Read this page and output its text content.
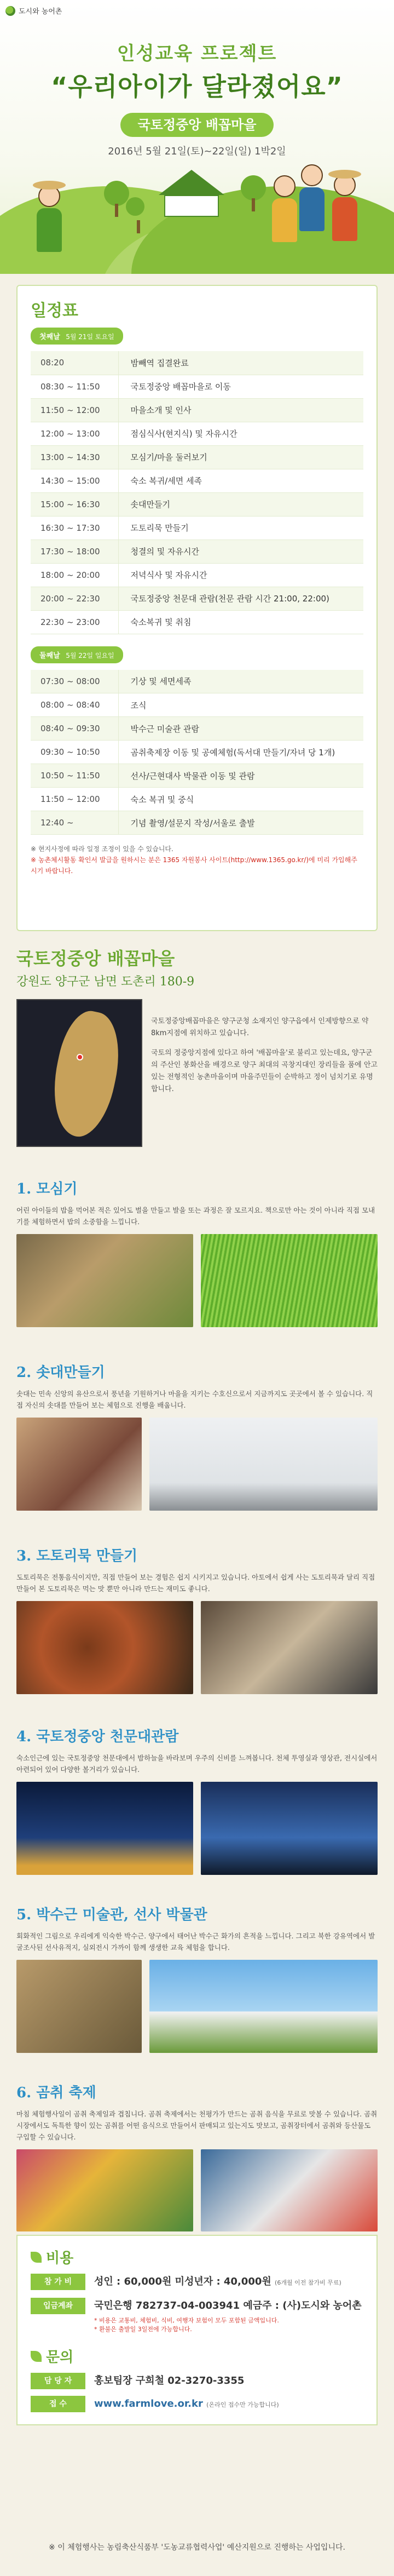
도시와 농어촌
인성교육 프로젝트
“우리아이가 달라졌어요”
국토정중앙 배꼽마을
2016년 5월 21일(토)~22일(일) 1박2일
일정표
첫째날 5월 21일 토요일
08:20	밤빼역 집결완료
08:30 ~ 11:50	국토정중앙 배꼽마을로 이동
11:50 ~ 12:00	마을소개 및 인사
12:00 ~ 13:00	점심식사(현지식) 및 자유시간
13:00 ~ 14:30	모심기/마을 둘러보기
14:30 ~ 15:00	숙소 복귀/세면 세족
15:00 ~ 16:30	솟대만들기
16:30 ~ 17:30	도토리묵 만들기
17:30 ~ 18:00	청결의 및 자유시간
18:00 ~ 20:00	저녁식사 및 자유시간
20:00 ~ 22:30	국토정중앙 천문대 관람(천문 관람 시간 21:00, 22:00)
22:30 ~ 23:00	숙소복귀 및 취침
둘째날 5월 22일 일요일
07:30 ~ 08:00	기상 및 세면세족
08:00 ~ 08:40	조식
08:40 ~ 09:30	박수근 미술관 관람
09:30 ~ 10:50	곰취축제장 이동 및 공예체험(독서대 만들기/자녀 당 1개)
10:50 ~ 11:50	선사/근현대사 박물관 이동 및 관람
11:50 ~ 12:00	숙소 복귀 및 중식
12:40 ~	기념 촬영/설문지 작성/서울로 출발
※ 현지사정에 따라 일정 조정이 있을 수 있습니다.
※ 농촌체시활동 확인서 발급을 원하시는 분은 1365 자원봉사 사이트(http://www.1365.go.kr/)에 미리 가입해주시기 바랍니다.
국토정중앙 배꼽마을
강원도 양구군 남면 도촌리 180-9

국토정중앙배꼽마을은 양구군청 소재지인 양구읍에서 인제방향으로 약 8km지점에 위치하고 있습니다.

국토의 정중앙지점에 있다고 하여 '배꼽마을'로 불리고 있는데요, 양구군의 주산인 봉화산을 배경으로 양구 최대의 곡창지대인 장리들을 품에 안고 있는 전형적인 농촌마을이며 마을주민들이 순박하고 정이 넘치기로 유명합니다.

1. 모심기
어린 아이들의 밥을 먹어본 적은 있어도 벌을 만들고 발을 또는 과정은 잘 모르지요. 책으로만 아는 것이 아니라 직접 모내기를 체험하면서 밥의 소중함을 느낍니다.
2. 솟대만들기
솟대는 민속 신앙의 유산으로서 풍년을 기원하거나 마을을 지키는 수호신으로서 지금까지도 곳곳에서 볼 수 있습니다. 직접 자신의 솟대를 만들어 보는 체험으로 진행을 배웁니다.
3. 도토리묵 만들기
도토리묵은 전통음식이지만, 직접 만들어 보는 경험은 쉽지 시키지고 있습니다. 아토에서 쉽게 사는 도토리묵과 달리 직접 만들어 본 도토리묵은 먹는 맛 뿐만 아니라 만드는 재미도 좋니다.
4. 국토정중앙 천문대관람
숙소인근에 있는 국토정중앙 천문대에서 밤하늘을 바라보며 우주의 신비를 느껴봅니다. 천체 투영실과 영상관, 전시실에서 아련되어 있어 다양한 볼거리가 있습니다.
5. 박수근 미술관, 선사 박물관
회화적인 그림으로 우리에게 익숙한 박수근. 양구에서 태어난 박수근 화가의 흔적을 느낍니다. 그리고 북한 강유역에서 발굴조사된 선사유적지, 실외전시 가까이 함께 생생한 교육 체험을 합니다.
6. 곰취 축제
마침 체험행사일이 곰취 축제일과 겹칩니다. 곰취 축제에서는 천평가가 만드는 곰취 음식을 무료로 맛볼 수 있습니다. 곰취시장에서도 독특한 향이 있는 곰취를 어떤 음식으로 만들어서 판매되고 있는지도 맛보고, 곰취장터에서 곰취와 등산물도 구입할 수 있습니다.
비용
참 가 비	성인 : 60,000원 미성년자 : 40,000원 (6개월 이전 참가비 무료)
입금계좌	국민은행 782737-04-003941 예금주 : (사)도시와 농어촌
* 비용은 교통비, 체험비, 식비, 여행자 보험이 모두 포함된 금액입니다.
* 환불은 출발일 3일전에 가능합니다.
문의
담 당 자	홍보팀장 구희철 02-3270-3355
접 수	www.farmlove.or.kr (온라인 접수만 가능합니다)
※ 이 체험행사는 농림축산식품부 '도농교류협력사업' 예산지원으로 진행하는 사업입니다.
